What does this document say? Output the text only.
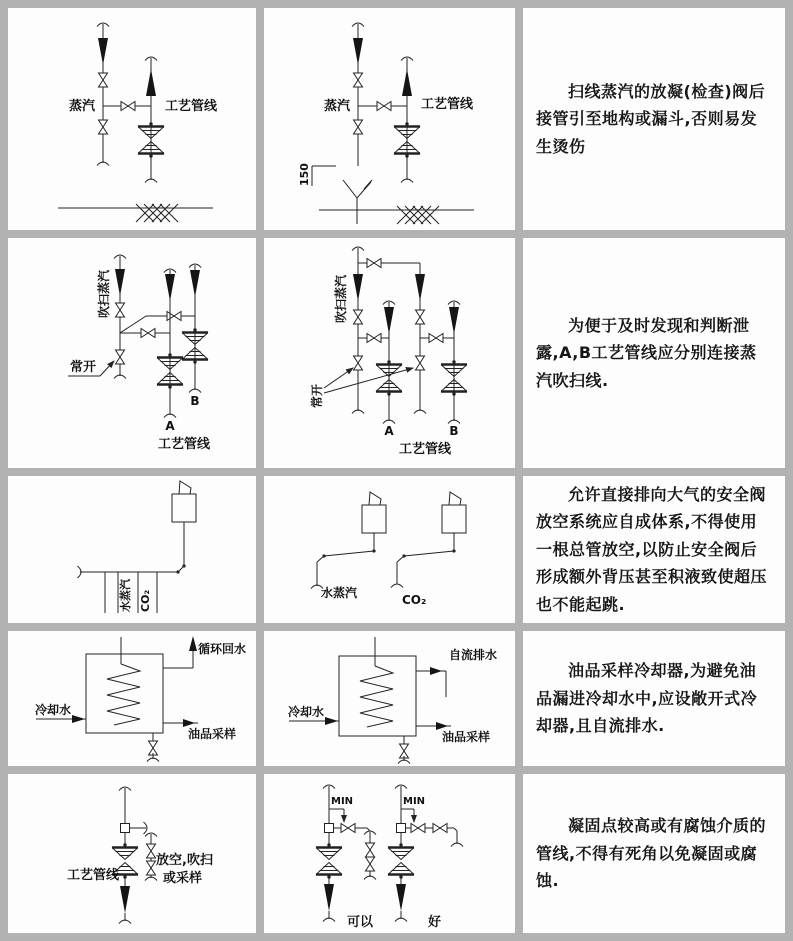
蒸汽	工艺管线
150
蒸汽	工艺管线

扫线蒸汽的放凝(检查)阀后接管引至地构或漏斗,否则易发生烫伤

吹扫蒸汽
A
B
常开
工艺管线
A	B
吹扫蒸汽
常开
工艺管线

为便于及时发现和判断泄露,A,B工艺管线应分别连接蒸汽吹扫线.

水蒸汽 CO₂	水蒸汽	CO₂

允许直接排向大气的安全阀放空系统应自成体系,不得使用一根总管放空,以防止安全阀后形成额外背压甚至积液致使超压也不能起跳.

循环回水
冷却水
油品采样
自流排水
冷却水
油品采样

油品采样冷却器,为避免油品漏进冷却水中,应设敞开式冷却器,且自流排水.

工艺管线
放空,吹扫
或采样
MIN
可以
MIN
好

凝固点较高或有腐蚀介质的管线,不得有死角以免凝固或腐蚀.
